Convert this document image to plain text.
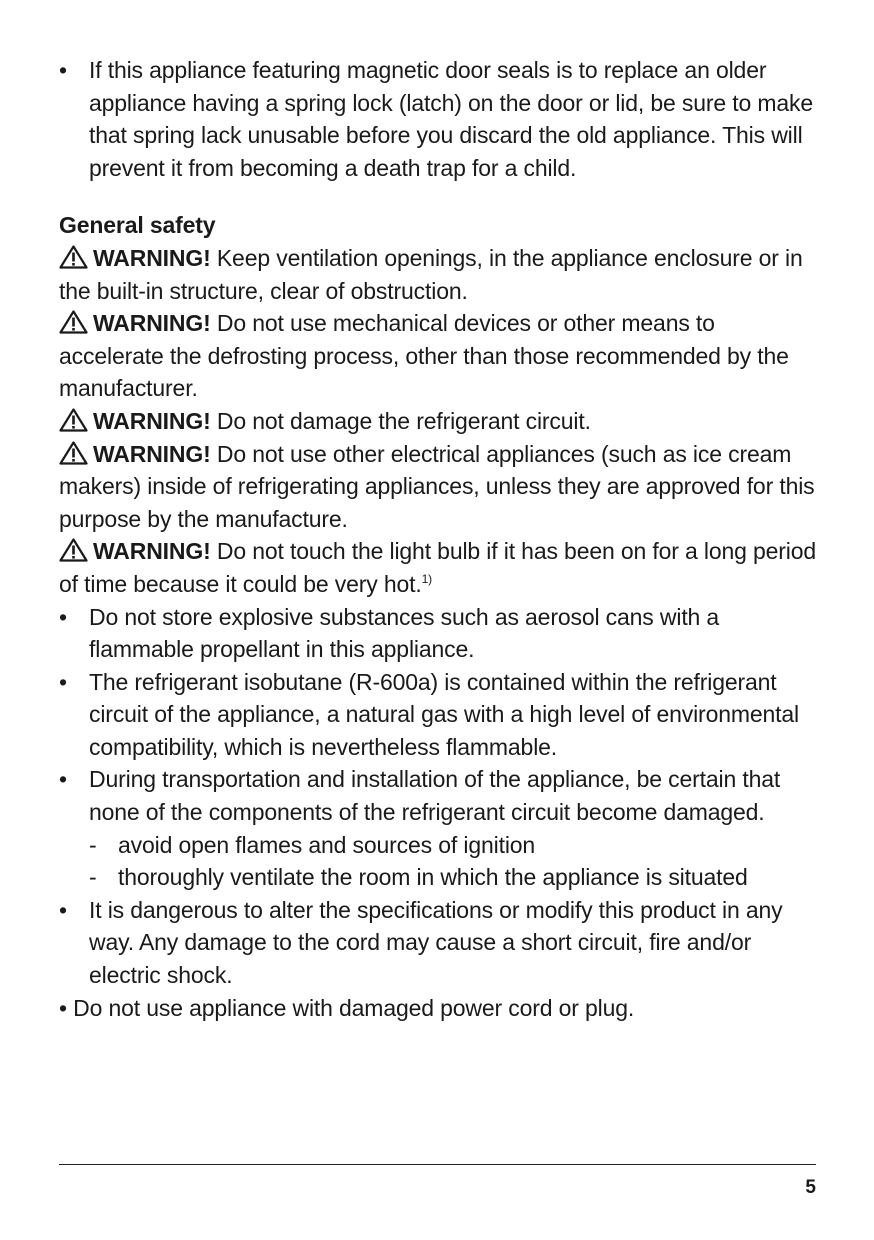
• If this appliance featuring magnetic door seals is to replace an older appliance having a spring lock (latch) on the door or lid, be sure to make that spring lack unusable before you discard the old appliance. This will prevent it from becoming a death trap for a child.
General safety
WARNING! Keep ventilation openings, in the appliance enclosure or in the built-in structure, clear of obstruction.
WARNING! Do not use mechanical devices or other means to accelerate the defrosting process, other than those recommended by the manufacturer.
WARNING! Do not damage the refrigerant circuit.
WARNING! Do not use other electrical appliances (such as ice cream makers) inside of refrigerating appliances, unless they are approved for this purpose by the manufacture.
WARNING! Do not touch the light bulb if it has been on for a long period of time because it could be very hot.$^{1)}$
• Do not store explosive substances such as aerosol cans with a flammable propellant in this appliance.
• The refrigerant isobutane (R-600a) is contained within the refrigerant circuit of the appliance, a natural gas with a high level of environmental compatibility, which is nevertheless flammable.
• During transportation and installation of the appliance, be certain that none of the components of the refrigerant circuit become damaged.
- avoid open flames and sources of ignition
- thoroughly ventilate the room in which the appliance is situated
• It is dangerous to alter the specifications or modify this product in any way. Any damage to the cord may cause a short circuit, fire and/or electric shock.
• Do not use appliance with damaged power cord or plug.
5
